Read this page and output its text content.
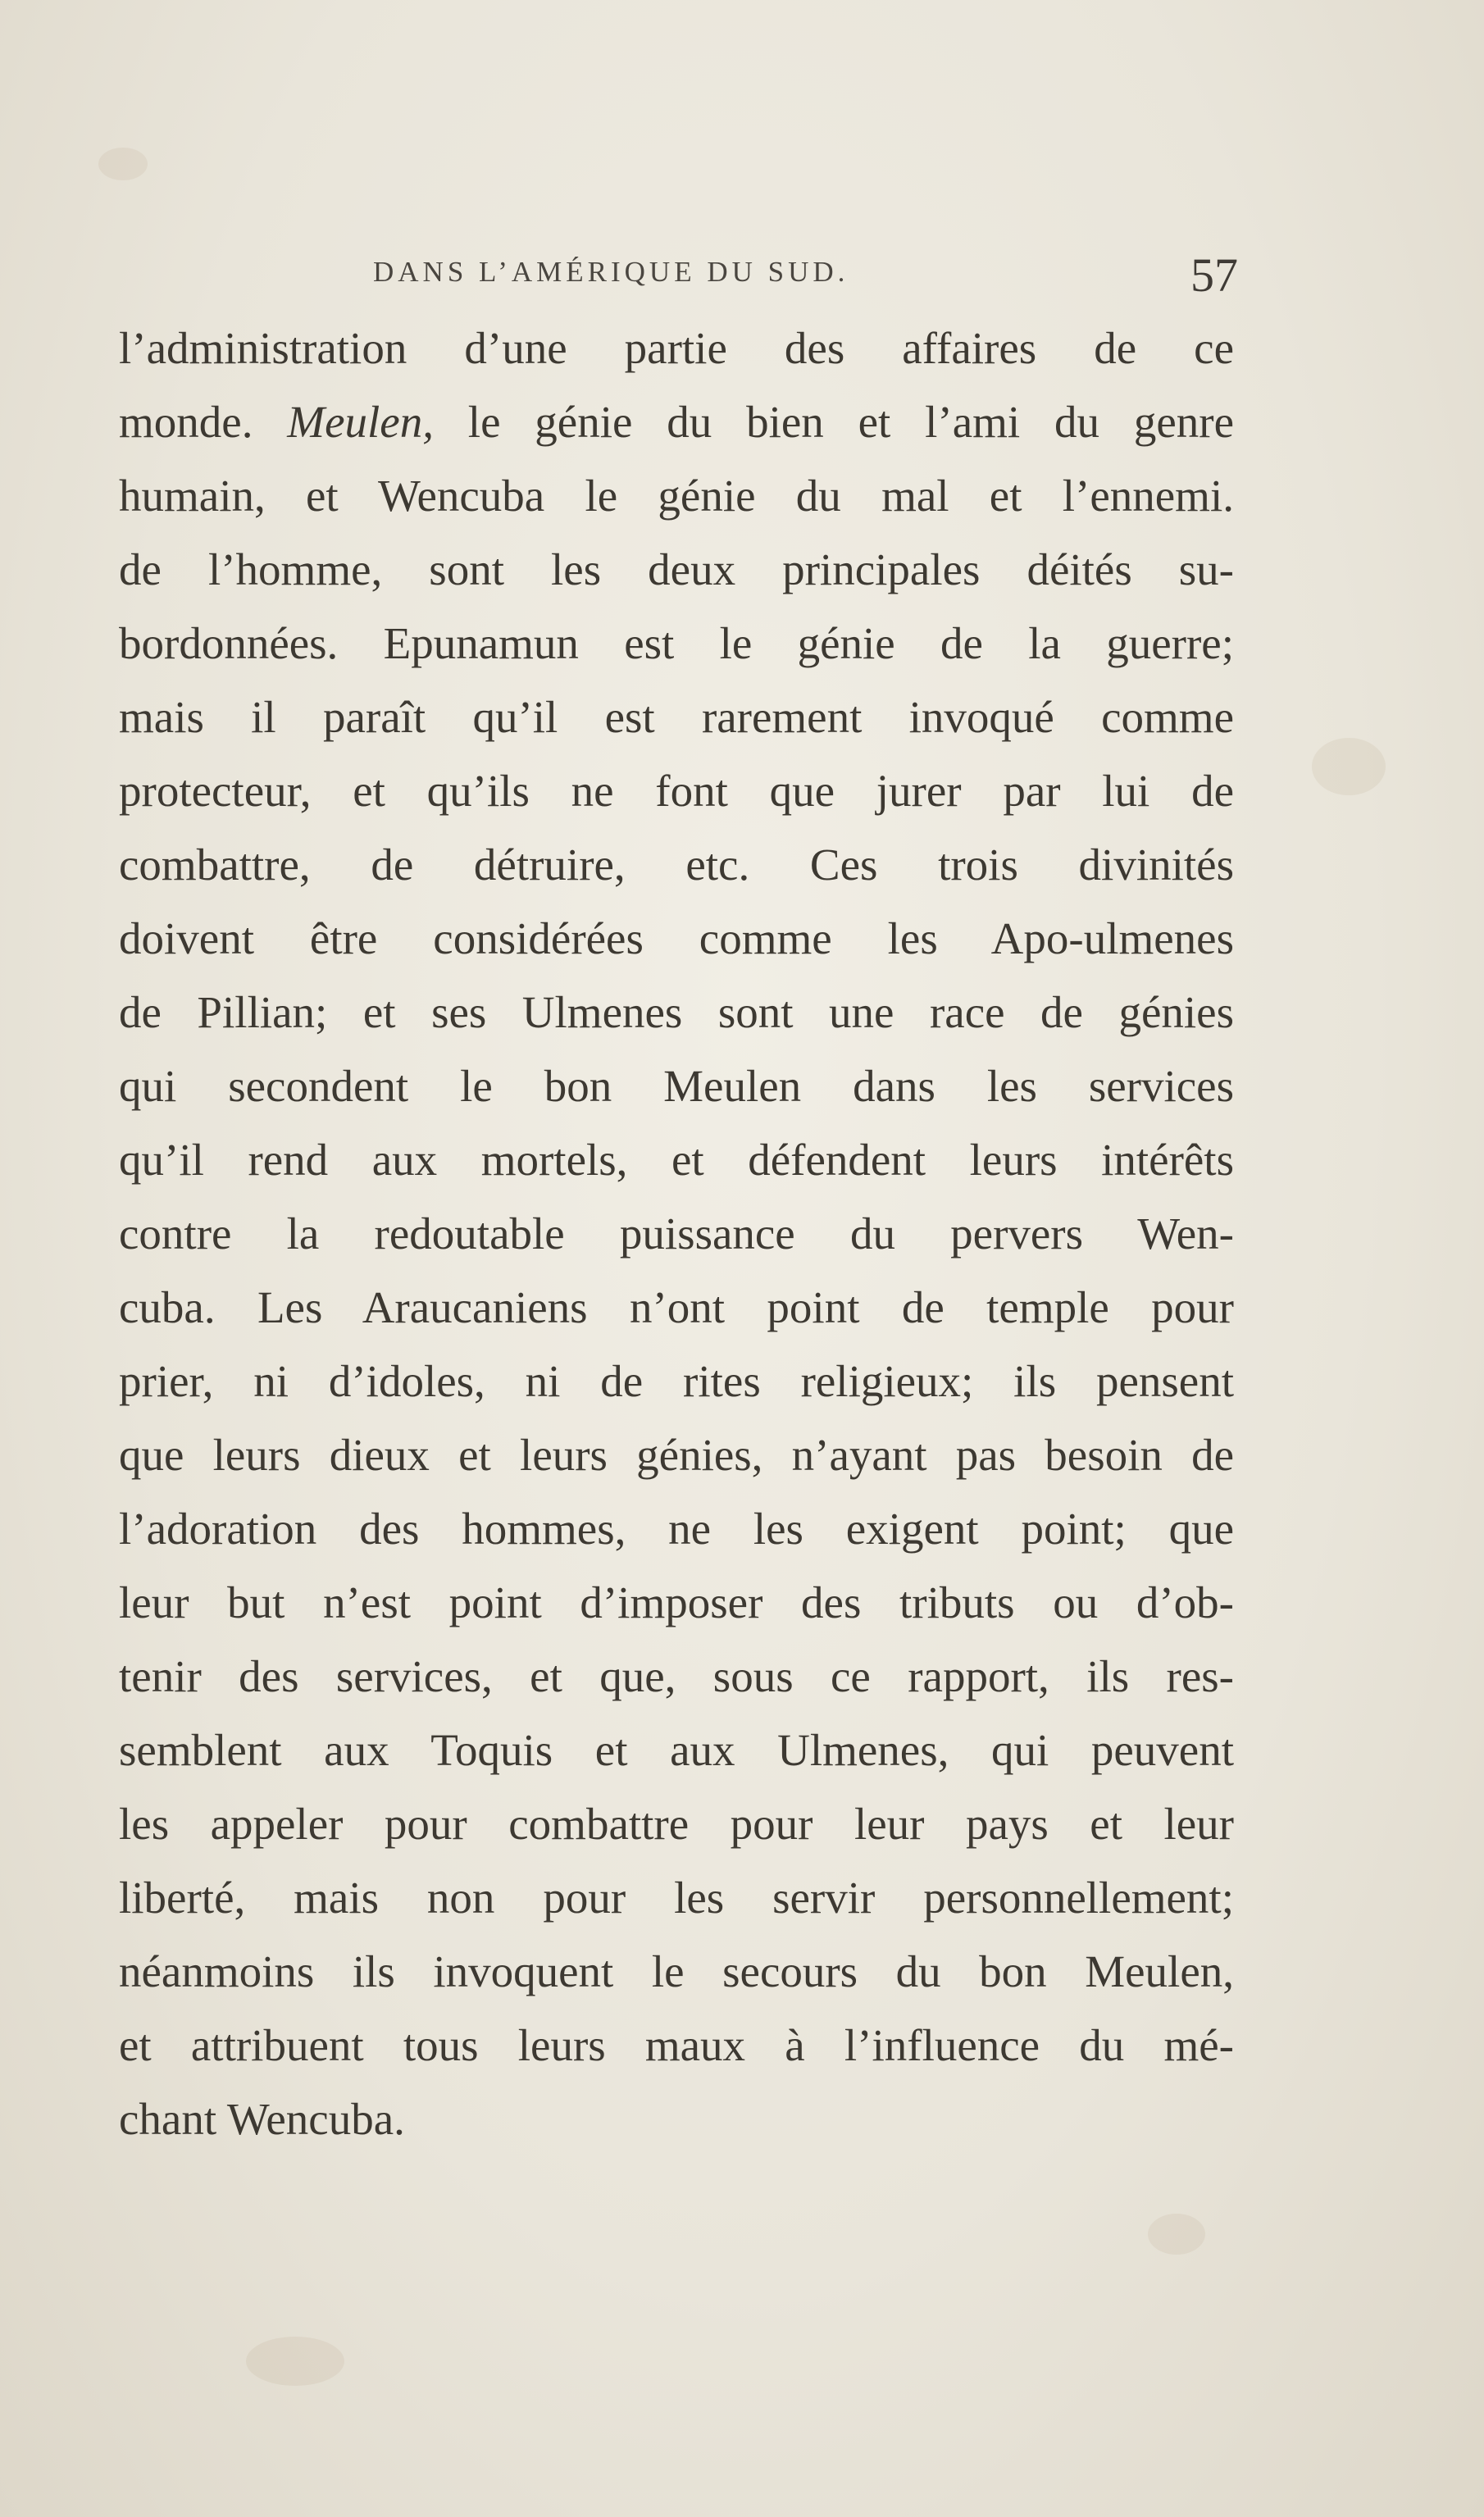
DANS L’AMÉRIQUE DU SUD.	57
l’administration d’une partie des affaires de ce
monde. Meulen, le génie du bien et l’ami du genre
humain, et Wencuba le génie du mal et l’ennemi.
de l’homme, sont les deux principales déités su-
bordonnées. Epunamun est le génie de la guerre;
mais il paraît qu’il est rarement invoqué comme
protecteur, et qu’ils ne font que jurer par lui de
combattre, de détruire, etc. Ces trois divinités
doivent être considérées comme les Apo-ulmenes
de Pillian; et ses Ulmenes sont une race de génies
qui secondent le bon Meulen dans les services
qu’il rend aux mortels, et défendent leurs intérêts
contre la redoutable puissance du pervers Wen-
cuba. Les Araucaniens n’ont point de temple pour
prier, ni d’idoles, ni de rites religieux; ils pensent
que leurs dieux et leurs génies, n’ayant pas besoin de
l’adoration des hommes, ne les exigent point; que
leur but n’est point d’imposer des tributs ou d’ob-
tenir des services, et que, sous ce rapport, ils res-
semblent aux Toquis et aux Ulmenes, qui peuvent
les appeler pour combattre pour leur pays et leur
liberté, mais non pour les servir personnellement;
néanmoins ils invoquent le secours du bon Meulen,
et attribuent tous leurs maux à l’influence du mé-
chant Wencuba.
